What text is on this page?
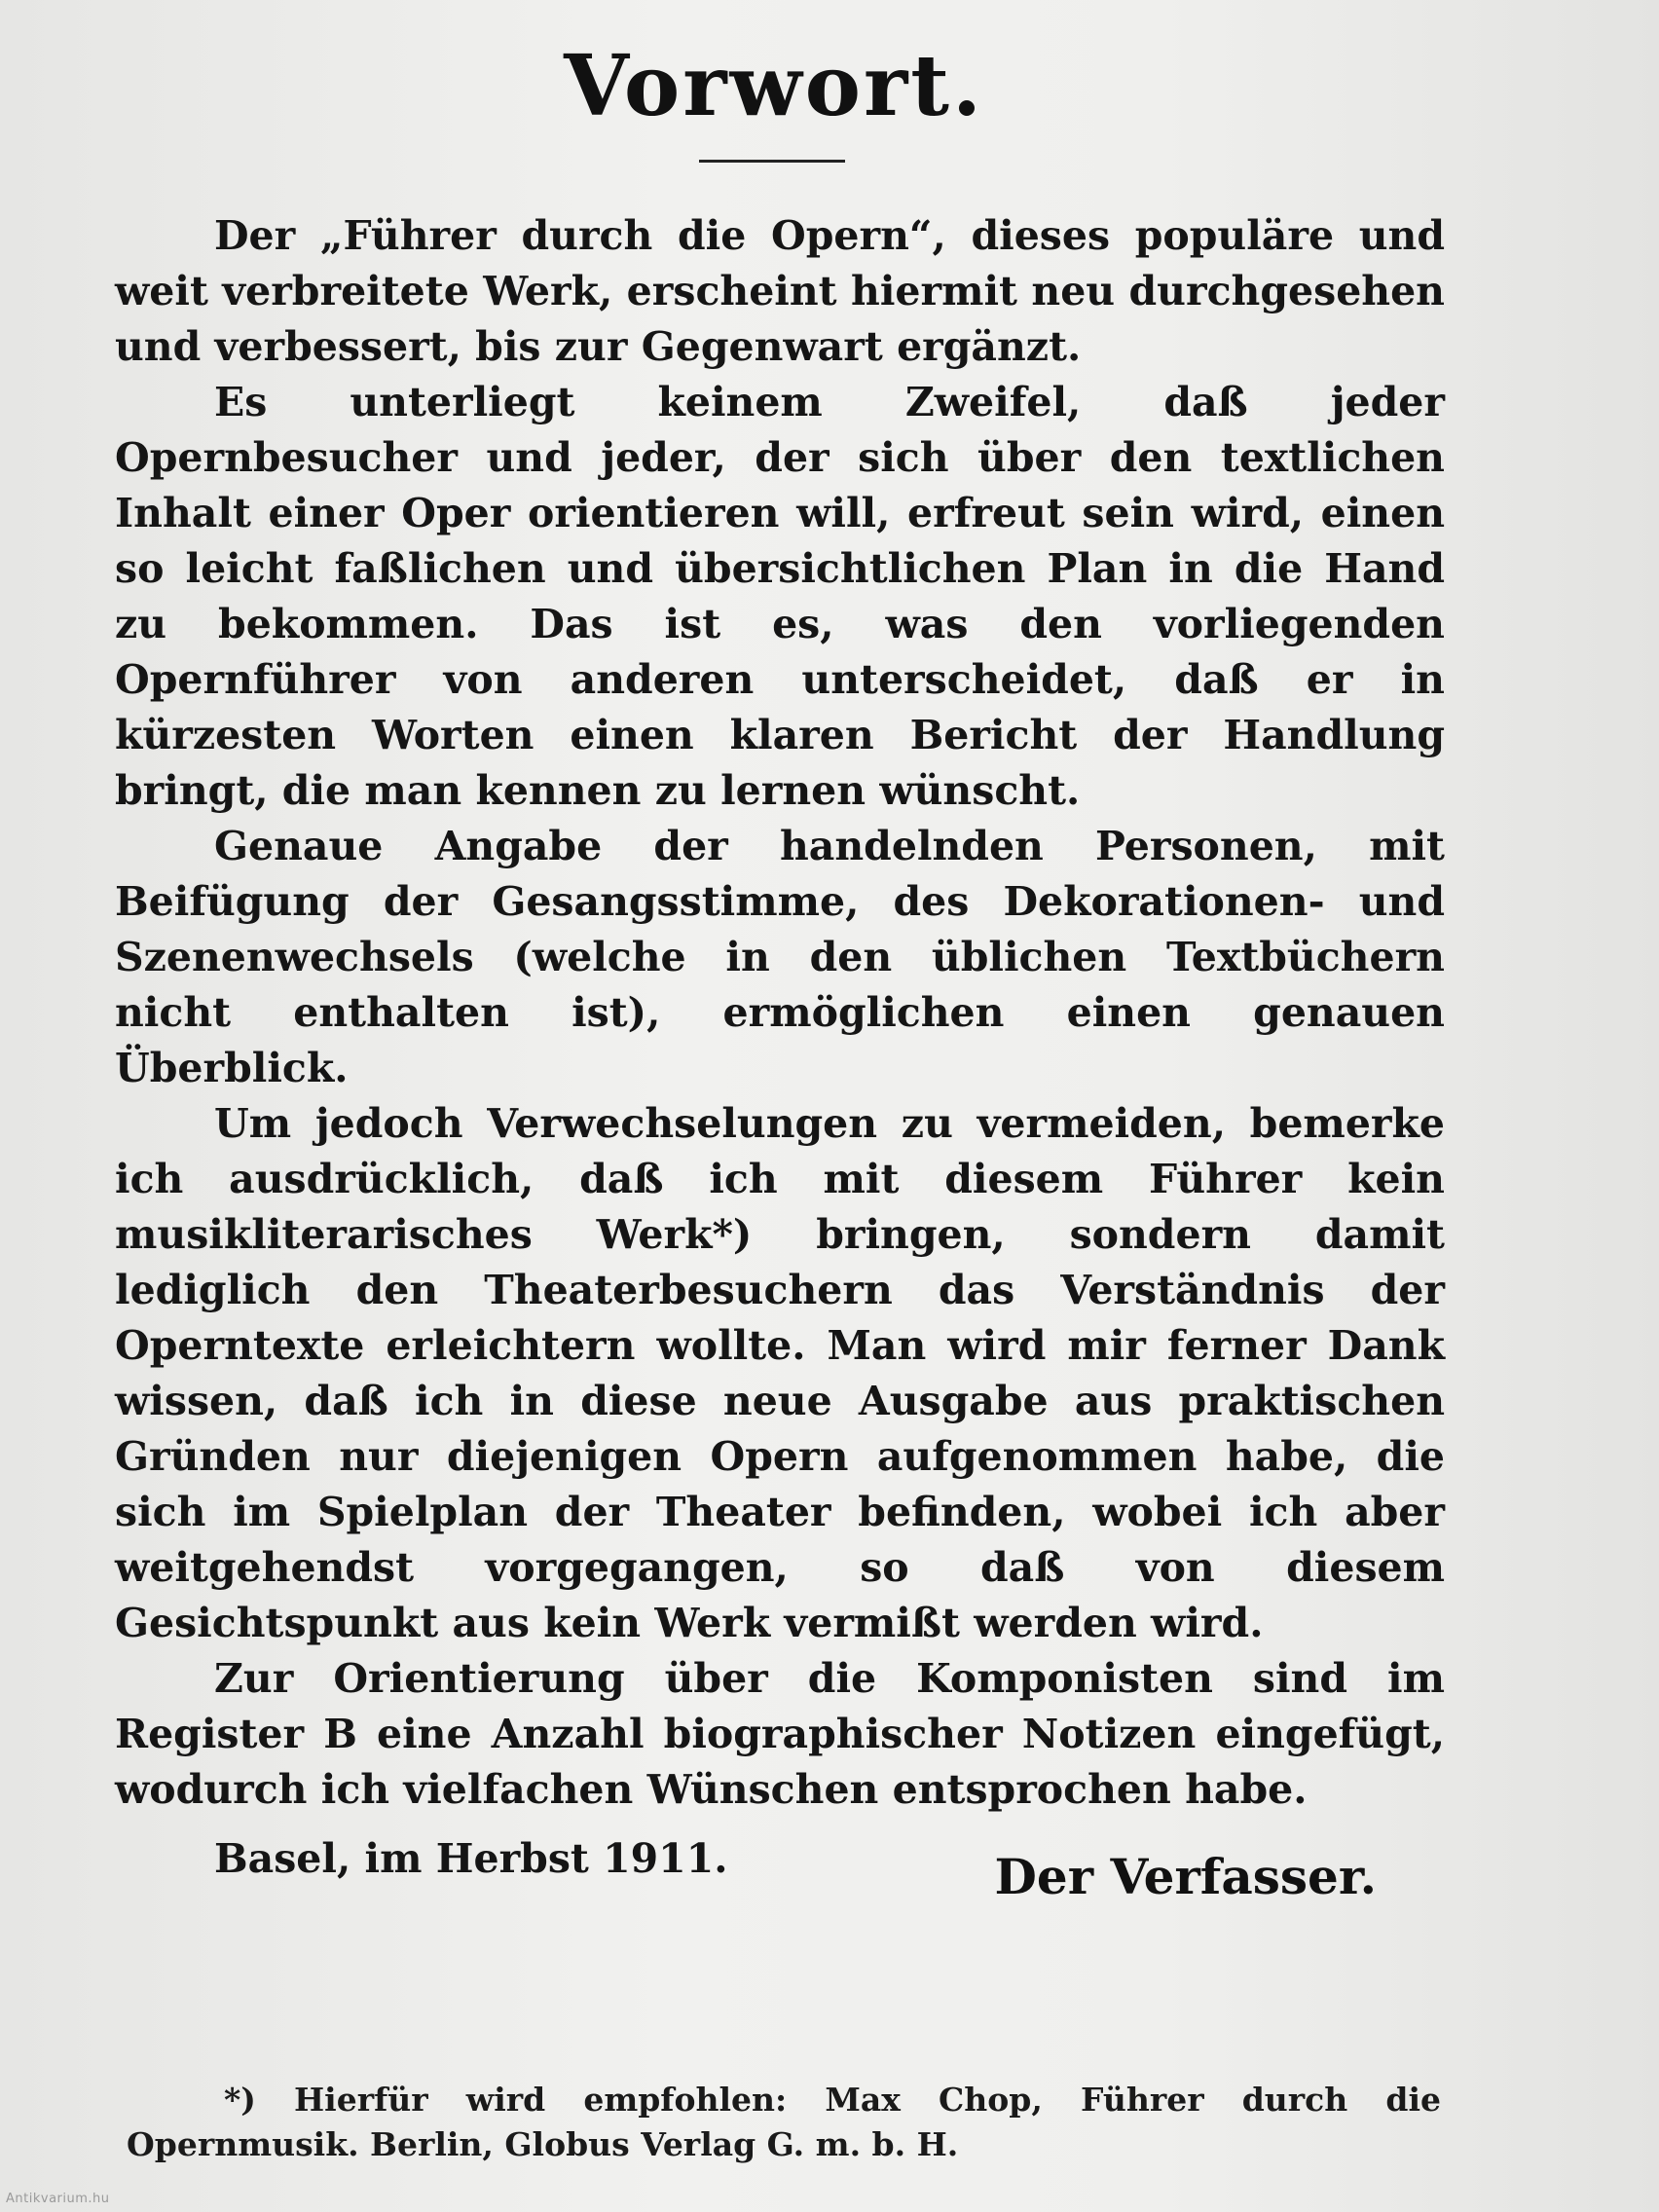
Vorwort.

Der „Führer durch die Opern“, dieses populäre und weit verbreitete Werk, erscheint hiermit neu durchgesehen und verbessert, bis zur Gegenwart ergänzt.

Es unterliegt keinem Zweifel, daß jeder Opernbesucher und jeder, der sich über den textlichen Inhalt einer Oper orientieren will, erfreut sein wird, einen so leicht faßlichen und übersichtlichen Plan in die Hand zu bekommen. Das ist es, was den vorliegenden Opernführer von anderen unterscheidet, daß er in kürzesten Worten einen klaren Bericht der Handlung bringt, die man kennen zu lernen wünscht.

Genaue Angabe der handelnden Personen, mit Beifügung der Gesangsstimme, des Dekorationen- und Szenenwechsels (welche in den üblichen Textbüchern nicht enthalten ist), ermöglichen einen genauen Überblick.

Um jedoch Verwechselungen zu vermeiden, bemerke ich ausdrücklich, daß ich mit diesem Führer kein musikliterarisches Werk*) bringen, sondern damit lediglich den Theaterbesuchern das Verständnis der Operntexte erleichtern wollte. Man wird mir ferner Dank wissen, daß ich in diese neue Ausgabe aus praktischen Gründen nur diejenigen Opern aufgenommen habe, die sich im Spielplan der Theater befinden, wobei ich aber weitgehendst vorgegangen, so daß von diesem Gesichtspunkt aus kein Werk vermißt werden wird.

Zur Orientierung über die Komponisten sind im Register B eine Anzahl biographischer Notizen eingefügt, wodurch ich vielfachen Wünschen entsprochen habe.

Basel, im Herbst 1911.	Der Verfasser.

*) Hierfür wird empfohlen: Max Chop, Führer durch die Opernmusik. Berlin, Globus Verlag G. m. b. H.

Antikvarium.hu
